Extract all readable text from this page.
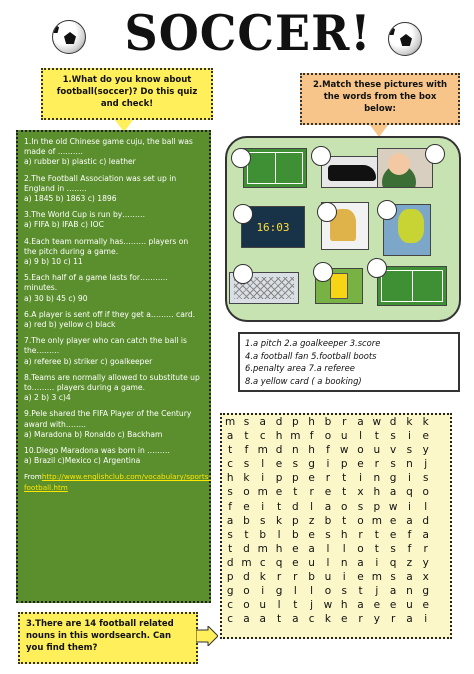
SOCCER!
1.What do you know about football(soccer)? Do this quiz and check!
2.Match these pictures with the words from the box below:
1.In the old Chinese game cuju, the ball was made of ……….
a) rubber b) plastic c) leather
2.The Football Association was set up in England in ……..
a) 1845 b) 1863 c) 1896
3.The World Cup is run by………
a) FIFA b) IFAB c) IOC
4.Each team normally has……… players on the pitch during a game.
a) 9 b) 10 c) 11
5.Each half of a game lasts for……….. minutes.
a) 30 b) 45 c) 90
6.A player is sent off if they get a……… card.
a) red b) yellow c) black
7.The only player who can catch the ball is the………
a) referee b) striker c) goalkeeper
8.Teams are normally allowed to substitute up to……… players during a game.
a) 2 b) 3 c)4
9.Pele shared the FIFA Player of the Century award with……..
a) Maradona b) Ronaldo c) Backham
10.Diego Maradona was born in ………
a) Brazil c)Mexico c) Argentina
Fromhttp://www.englishclub.com/vocabulary/sports-football.htm
16:03
1.a pitch 2.a goalkeeper 3.score
4.a football fan 5.football boots
6.penalty area 7.a referee
8.a yellow card ( a booking)
m s a d p h b	r	a w d k k
a	t	c h m f	o u	l	t	s	i	e
t	f m d n h	f w o u v s y
c	s	l	e s g	i	p e	r	s n	j
h k	i	p p e	r	t	i	n g	i	s
s o m e	t	r	e	t	x h a q o
f	e	i	t	d	l	a o s p w	i	l
a b s	k p z b	t	o m e a d
s	t	b	l	b e s h	r	t	e	f	a
t	d m h e a	l	l	o	t	s	f	r
d m c q e u	l	n a	i	q z y
p d k	r	r	b u	i	e m s a x
g o	i	g	l	l	o s	t	j	a n g
c o u	l	t	j	w h a e e u e
c a a	t	a c k e	r	y	r	a	i
3.There are 14 football related nouns in this wordsearch. Can you find them?
